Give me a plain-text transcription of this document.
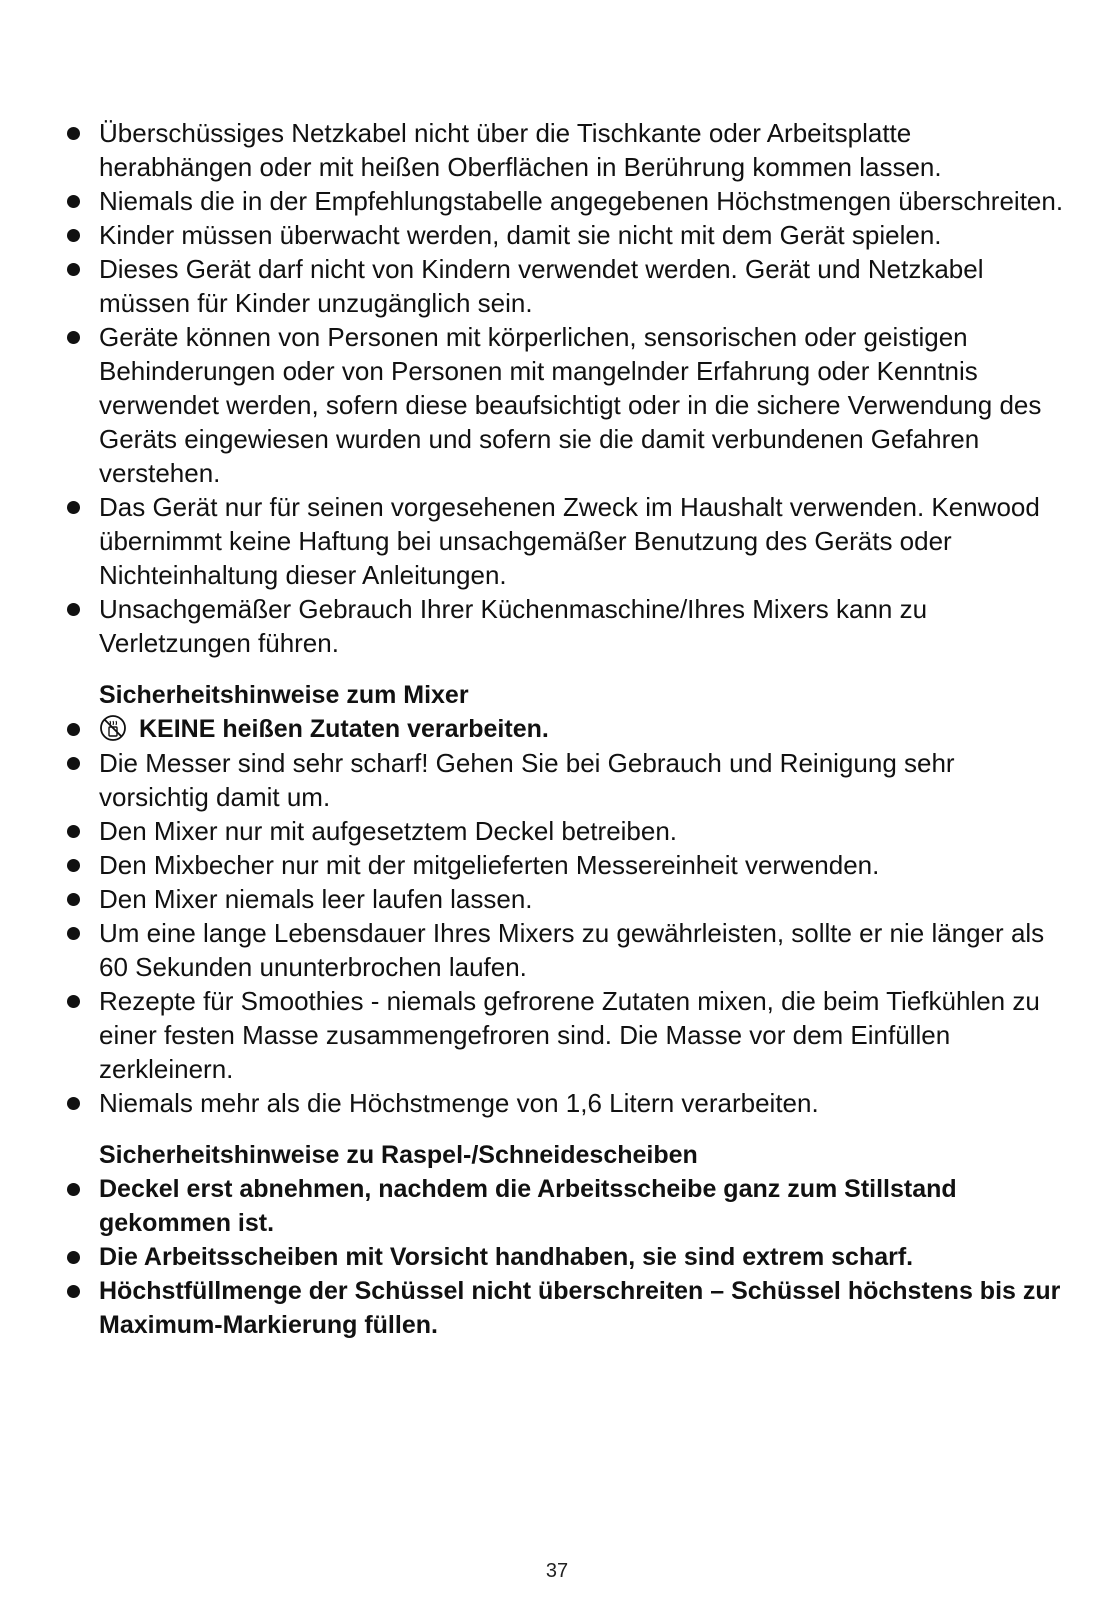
Überschüssiges Netzkabel nicht über die Tischkante oder Arbeitsplatte herabhängen oder mit heißen Oberflächen in Berührung kommen lassen.
Niemals die in der Empfehlungstabelle angegebenen Höchstmengen überschreiten.
Kinder müssen überwacht werden, damit sie nicht mit dem Gerät spielen.
Dieses Gerät darf nicht von Kindern verwendet werden. Gerät und Netzkabel müssen für Kinder unzugänglich sein.
Geräte können von Personen mit körperlichen, sensorischen oder geistigen Behinderungen oder von Personen mit mangelnder Erfahrung oder Kenntnis verwendet werden, sofern diese beaufsichtigt oder in die sichere Verwendung des Geräts eingewiesen wurden und sofern sie die damit verbundenen Gefahren verstehen.
Das Gerät nur für seinen vorgesehenen Zweck im Haushalt verwenden. Kenwood übernimmt keine Haftung bei unsachgemäßer Benutzung des Geräts oder Nichteinhaltung dieser Anleitungen.
Unsachgemäßer Gebrauch Ihrer Küchenmaschine/Ihres Mixers kann zu Verletzungen führen.
Sicherheitshinweise zum Mixer
KEINE heißen Zutaten verarbeiten.
Die Messer sind sehr scharf! Gehen Sie bei Gebrauch und Reinigung sehr vorsichtig damit um.
Den Mixer nur mit aufgesetztem Deckel betreiben.
Den Mixbecher nur mit der mitgelieferten Messereinheit verwenden.
Den Mixer niemals leer laufen lassen.
Um eine lange Lebensdauer Ihres Mixers zu gewährleisten, sollte er nie länger als 60 Sekunden ununterbrochen laufen.
Rezepte für Smoothies - niemals gefrorene Zutaten mixen, die beim Tiefkühlen zu einer festen Masse zusammengefroren sind. Die Masse vor dem Einfüllen zerkleinern.
Niemals mehr als die Höchstmenge von 1,6 Litern verarbeiten.
Sicherheitshinweise zu Raspel-/Schneidescheiben
Deckel erst abnehmen, nachdem die Arbeitsscheibe ganz zum Stillstand gekommen ist.
Die Arbeitsscheiben mit Vorsicht handhaben, sie sind extrem scharf.
Höchstfüllmenge der Schüssel nicht überschreiten – Schüssel höchstens bis zur Maximum-Markierung füllen.
37
